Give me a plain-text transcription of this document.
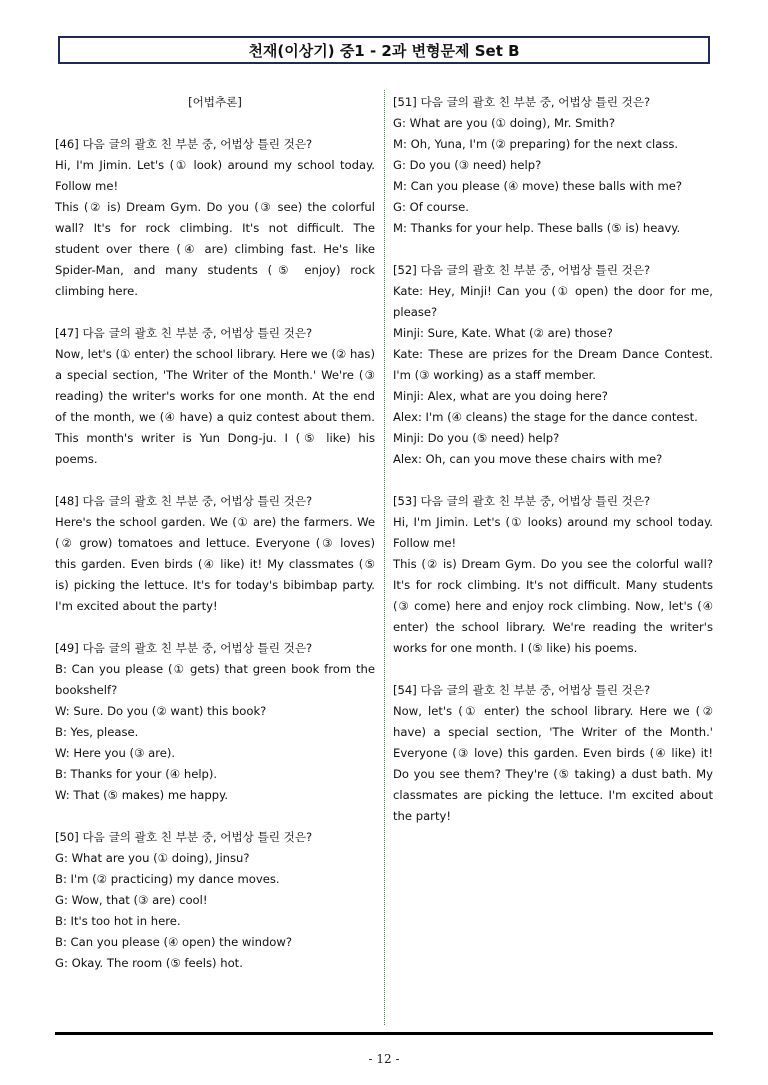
천재(이상기) 중1 - 2과 변형문제 Set B
[어법추론]

[46] 다음 글의 괄호 친 부분 중, 어법상 틀린 것은?

Hi, I'm Jimin. Let's (① look) around my school today. Follow me!

This (② is) Dream Gym. Do you (③ see) the colorful wall? It's for rock climbing. It's not difficult. The student over there (④ are) climbing fast. He's like Spider-Man, and many students (⑤ enjoy) rock climbing here.

[47] 다음 글의 괄호 친 부분 중, 어법상 틀린 것은?

Now, let's (① enter) the school library. Here we (② has) a special section, 'The Writer of the Month.' We're (③ reading) the writer's works for one month. At the end of the month, we (④ have) a quiz contest about them. This month's writer is Yun Dong-ju. I (⑤ like) his poems.

[48] 다음 글의 괄호 친 부분 중, 어법상 틀린 것은?

Here's the school garden. We (① are) the farmers. We (② grow) tomatoes and lettuce. Everyone (③ loves) this garden. Even birds (④ like) it! My classmates (⑤ is) picking the lettuce. It's for today's bibimbap party. I'm excited about the party!

[49] 다음 글의 괄호 친 부분 중, 어법상 틀린 것은?

B: Can you please (① gets) that green book from the bookshelf?

W: Sure. Do you (② want) this book?

B: Yes, please.

W: Here you (③ are).

B: Thanks for your (④ help).

W: That (⑤ makes) me happy.

[50] 다음 글의 괄호 친 부분 중, 어법상 틀린 것은?

G: What are you (① doing), Jinsu?

B: I'm (② practicing) my dance moves.

G: Wow, that (③ are) cool!

B: It's too hot in here.

B: Can you please (④ open) the window?

G: Okay. The room (⑤ feels) hot.

[51] 다음 글의 괄호 친 부분 중, 어법상 틀린 것은?

G: What are you (① doing), Mr. Smith?

M: Oh, Yuna, I'm (② preparing) for the next class.

G: Do you (③ need) help?

M: Can you please (④ move) these balls with me?

G: Of course.

M: Thanks for your help. These balls (⑤ is) heavy.

[52] 다음 글의 괄호 친 부분 중, 어법상 틀린 것은?

Kate: Hey, Minji! Can you (① open) the door for me, please?

Minji: Sure, Kate. What (② are) those?

Kate: These are prizes for the Dream Dance Contest. I'm (③ working) as a staff member.

Minji: Alex, what are you doing here?

Alex: I'm (④ cleans) the stage for the dance contest.

Minji: Do you (⑤ need) help?

Alex: Oh, can you move these chairs with me?

[53] 다음 글의 괄호 친 부분 중, 어법상 틀린 것은?

Hi, I'm Jimin. Let's (① looks) around my school today. Follow me!

This (② is) Dream Gym. Do you see the colorful wall? It's for rock climbing. It's not difficult. Many students (③ come) here and enjoy rock climbing. Now, let's (④ enter) the school library. We're reading the writer's works for one month. I (⑤ like) his poems.

[54] 다음 글의 괄호 친 부분 중, 어법상 틀린 것은?

Now, let's (① enter) the school library. Here we (② have) a special section, 'The Writer of the Month.' Everyone (③ love) this garden. Even birds (④ like) it! Do you see them? They're (⑤ taking) a dust bath. My classmates are picking the lettuce. I'm excited about the party!

- 12 -
